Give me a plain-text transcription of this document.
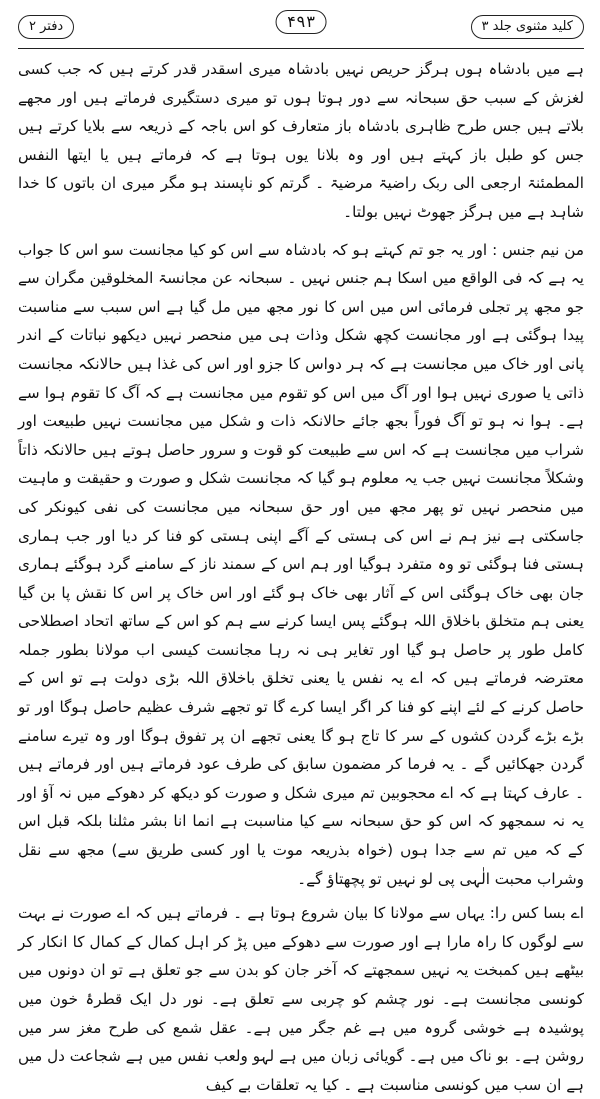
دفتر ۲	۴۹۳	کلید مثنوی جلد ۳

ہے میں بادشاہ ہوں ہرگز حریص نہیں بادشاہ میری اسقدر قدر کرتے ہیں کہ جب کسی لغزش کے سبب حق سبحانہ سے دور ہوتا ہوں تو میری دستگیری فرماتے ہیں اور مجھے بلاتے ہیں جس طرح ظاہری بادشاہ باز متعارف کو اس باجہ کے ذریعہ سے بلایا کرتے ہیں جس کو طبل باز کہتے ہیں اور وہ بلانا یوں ہوتا ہے کہ فرماتے ہیں یا ایتھا النفس المطمئنۃ ارجعی الی ربک راضیۃ مرضیۃ ۔ گرتم کو ناپسند ہو مگر میری ان باتوں کا خدا شاہد ہے میں ہرگز جھوٹ نہیں بولتا۔

من نیم جنس : اور یہ جو تم کہتے ہو کہ بادشاہ سے اس کو کیا مجانست سو اس کا جواب یہ ہے کہ فی الواقع میں اسکا ہم جنس نہیں ۔ سبحانہ عن مجانسۃ المخلوقین مگران سے جو مجھ پر تجلی فرمائی اس میں اس کا نور مجھ میں مل گیا ہے اس سبب سے مناسبت پیدا ہوگئی ہے اور مجانست کچھ شکل وذات ہی میں منحصر نہیں دیکھو نباتات کے اندر پانی اور خاک میں مجانست ہے کہ ہر دواس کا جزو اور اس کی غذا ہیں حالانکہ مجانست ذاتی یا صوری نہیں ہوا اور آگ میں اس کو تقوم میں مجانست ہے کہ آگ کا تقوم ہوا سے ہے۔ ہوا نہ ہو تو آگ فوراً بجھ جائے حالانکہ ذات و شکل میں مجانست نہیں طبیعت اور شراب میں مجانست ہے کہ اس سے طبیعت کو قوت و سرور حاصل ہوتے ہیں حالانکہ ذاتاً وشکلاً مجانست نہیں جب یہ معلوم ہو گیا کہ مجانست شکل و صورت و حقیقت و ماہیت میں منحصر نہیں تو پھر مجھ میں اور حق سبحانہ میں مجانست کی نفی کیونکر کی جاسکتی ہے نیز ہم نے اس کی ہستی کے آگے اپنی ہستی کو فنا کر دیا اور جب ہماری ہستی فنا ہوگئی تو وہ متفرد ہوگیا اور ہم اس کے سمند ناز کے سامنے گرد ہوگئے ہماری جان بھی خاک ہوگئی اس کے آثار بھی خاک ہو گئے اور اس خاک پر اس کا نقش پا بن گیا یعنی ہم متخلق باخلاق اللہ ہوگئے پس ایسا کرنے سے ہم کو اس کے ساتھ اتحاد اصطلاحی کامل طور پر حاصل ہو گیا اور تغایر ہی نہ رہا مجانست کیسی اب مولانا بطور جملہ معترضہ فرماتے ہیں کہ اے یہ نفس یا یعنی تخلق باخلاق اللہ بڑی دولت ہے تو اس کے حاصل کرنے کے لئے اپنے کو فنا کر اگر ایسا کرے گا تو تجھے شرف عظیم حاصل ہوگا اور تو بڑے بڑے گردن کشوں کے سر کا تاج ہو گا یعنی تجھے ان پر تفوق ہوگا اور وہ تیرے سامنے گردن جھکائیں گے ۔ یہ فرما کر مضمون سابق کی طرف عود فرماتے ہیں اور فرماتے ہیں ۔ عارف کہتا ہے کہ اے محجوبین تم میری شکل و صورت کو دیکھ کر دھوکے میں نہ آؤ اور یہ نہ سمجھو کہ اس کو حق سبحانہ سے کیا مناسبت ہے انما انا بشر مثلنا بلکہ قبل اس کے کہ میں تم سے جدا ہوں (خواہ بذریعہ موت یا اور کسی طریق سے) مجھ سے نقل وشراب محبت الٰہی پی لو نہیں تو پچھتاؤ گے۔

اے بسا کس را: یہاں سے مولانا کا بیان شروع ہوتا ہے ۔ فرماتے ہیں کہ اے صورت نے بہت سے لوگوں کا راہ مارا ہے اور صورت سے دھوکے میں پڑ کر اہل کمال کے کمال کا انکار کر بیٹھے ہیں کمبخت یہ نہیں سمجھتے کہ آخر جان کو بدن سے جو تعلق ہے تو ان دونوں میں کونسی مجانست ہے۔ نور چشم کو چربی سے تعلق ہے۔ نور دل ایک قطرۂ خون میں پوشیدہ ہے خوشی گروہ میں ہے غم جگر میں ہے۔ عقل شمع کی طرح مغز سر میں روشن ہے۔ بو ناک میں ہے۔ گویائی زبان میں ہے لہو ولعب نفس میں ہے شجاعت دل میں ہے ان سب میں کونسی مناسبت ہے ۔ کیا یہ تعلقات بے کیف
